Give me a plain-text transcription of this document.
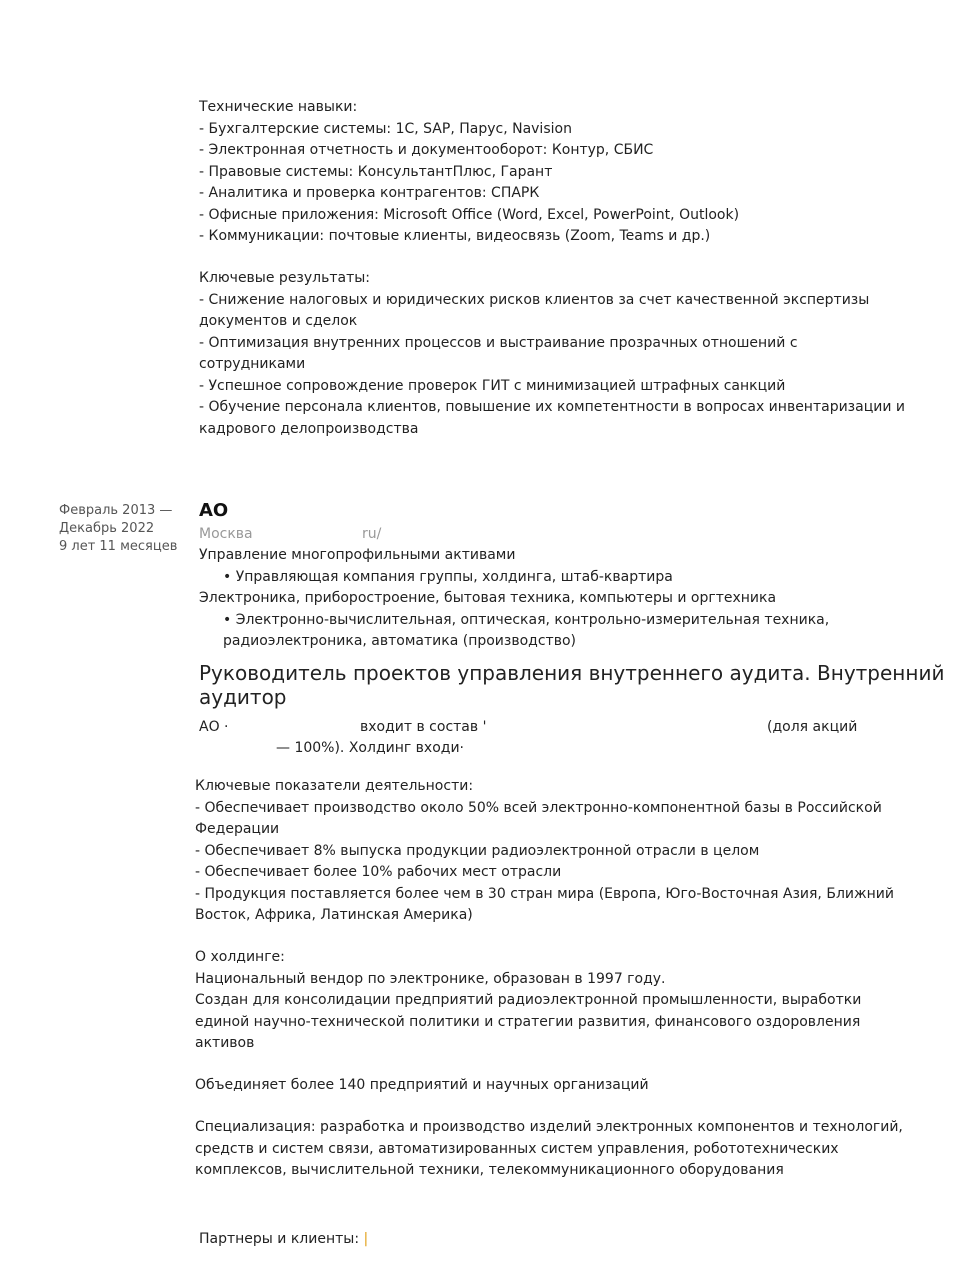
Технические навыки:
- Бухгалтерские системы: 1С, SAP, Парус, Navision
- Электронная отчетность и документооборот: Контур, СБИС
- Правовые системы: КонсультантПлюс, Гарант
- Аналитика и проверка контрагентов: СПАРК
- Офисные приложения: Microsoft Office (Word, Excel, PowerPoint, Outlook)
- Коммуникации: почтовые клиенты, видеосвязь (Zoom, Teams и др.)
Ключевые результаты:
- Снижение налоговых и юридических рисков клиентов за счет качественной экспертизы
документов и сделок
- Оптимизация внутренних процессов и выстраивание прозрачных отношений с
сотрудниками
- Успешное сопровождение проверок ГИТ с минимизацией штрафных санкций
- Обучение персонала клиентов, повышение их компетентности в вопросах инвентаризации и
кадрового делопроизводства
Февраль 2013 —
Декабрь 2022
9 лет 11 месяцев
АО
Москва	ru/
Управление многопрофильными активами
• Управляющая компания группы, холдинга, штаб-квартира
Электроника, приборостроение, бытовая техника, компьютеры и оргтехника
• Электронно-вычислительная, оптическая, контрольно-измерительная техника,
радиоэлектроника, автоматика (производство)
Руководитель проектов управления внутреннего аудита. Внутренний
аудитор
АО ·	входит в состав '	(доля акций
— 100%). Холдинг входи·
Ключевые показатели деятельности:
- Обеспечивает производство около 50% всей электронно-компонентной базы в Российской
Федерации
- Обеспечивает 8% выпуска продукции радиоэлектронной отрасли в целом
- Обеспечивает более 10% рабочих мест отрасли
- Продукция поставляется более чем в 30 стран мира (Европа, Юго-Восточная Азия, Ближний
Восток, Африка, Латинская Америка)
О холдинге:
Национальный вендор по электронике, образован в 1997 году.
Создан для консолидации предприятий радиоэлектронной промышленности, выработки
единой научно-технической политики и стратегии развития, финансового оздоровления
активов
Объединяет более 140 предприятий и научных организаций
Специализация: разработка и производство изделий электронных компонентов и технологий,
средств и систем связи, автоматизированных систем управления, робототехнических
комплексов, вычислительной техники, телекоммуникационного оборудования
Партнеры и клиенты: |
